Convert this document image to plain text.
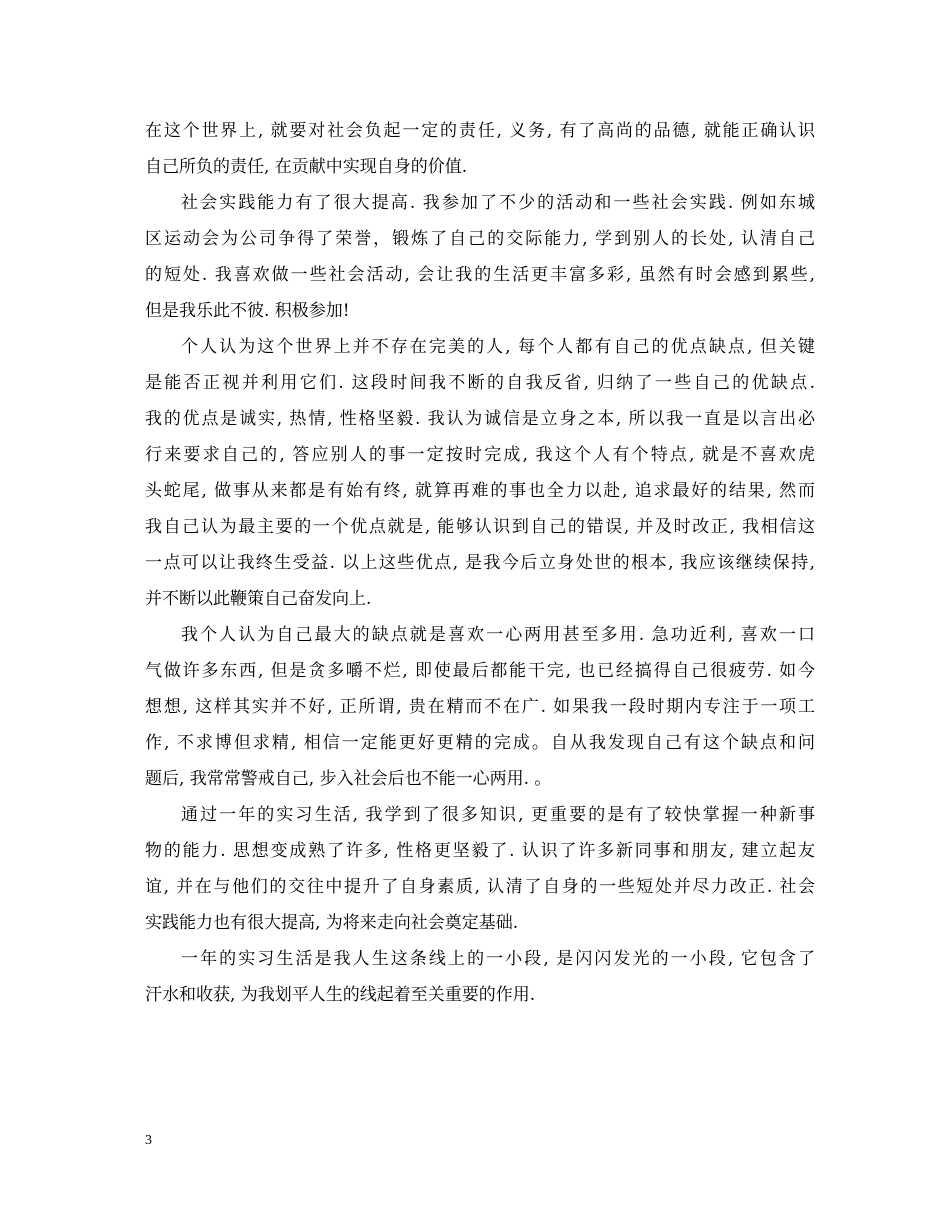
在这个世界上, 就要对社会负起一定的责任, 义务, 有了高尚的品德, 就能正确认识
自己所负的责任, 在贡献中实现自身的价值.
社会实践能力有了很大提高. 我参加了不少的活动和一些社会实践. 例如东城
区运动会为公司争得了荣誉，锻炼了自己的交际能力, 学到别人的长处, 认清自己
的短处. 我喜欢做一些社会活动, 会让我的生活更丰富多彩, 虽然有时会感到累些,
但是我乐此不彼. 积极参加!
个人认为这个世界上并不存在完美的人, 每个人都有自己的优点缺点, 但关键
是能否正视并利用它们. 这段时间我不断的自我反省, 归纳了一些自己的优缺点.
我的优点是诚实, 热情, 性格坚毅. 我认为诚信是立身之本, 所以我一直是以言出必
行来要求自己的, 答应别人的事一定按时完成, 我这个人有个特点, 就是不喜欢虎
头蛇尾, 做事从来都是有始有终, 就算再难的事也全力以赴, 追求最好的结果, 然而
我自己认为最主要的一个优点就是, 能够认识到自己的错误, 并及时改正, 我相信这
一点可以让我终生受益. 以上这些优点, 是我今后立身处世的根本, 我应该继续保持,
并不断以此鞭策自己奋发向上.
我个人认为自己最大的缺点就是喜欢一心两用甚至多用. 急功近利, 喜欢一口
气做许多东西, 但是贪多嚼不烂, 即使最后都能干完, 也已经搞得自己很疲劳. 如今
想想, 这样其实并不好, 正所谓, 贵在精而不在广. 如果我一段时期内专注于一项工
作, 不求博但求精, 相信一定能更好更精的完成。自从我发现自己有这个缺点和问
题后, 我常常警戒自己, 步入社会后也不能一心两用. 。
通过一年的实习生活, 我学到了很多知识, 更重要的是有了较快掌握一种新事
物的能力. 思想变成熟了许多, 性格更坚毅了. 认识了许多新同事和朋友, 建立起友
谊, 并在与他们的交往中提升了自身素质, 认清了自身的一些短处并尽力改正. 社会
实践能力也有很大提高, 为将来走向社会奠定基础.
一年的实习生活是我人生这条线上的一小段, 是闪闪发光的一小段, 它包含了
汗水和收获, 为我划平人生的线起着至关重要的作用.
3
